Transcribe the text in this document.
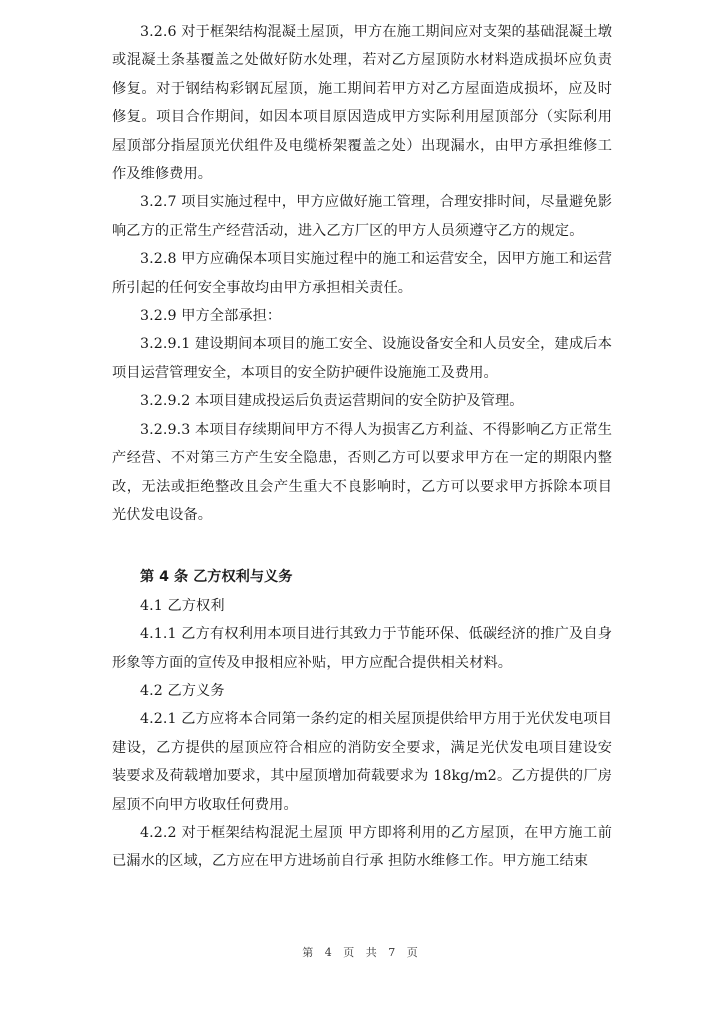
3.2.6 对于框架结构混凝土屋顶，甲方在施工期间应对支架的基础混凝土墩或混凝土条基覆盖之处做好防水处理，若对乙方屋顶防水材料造成损坏应负责修复。对于钢结构彩钢瓦屋顶，施工期间若甲方对乙方屋面造成损坏，应及时修复。项目合作期间，如因本项目原因造成甲方实际利用屋顶部分（实际利用屋顶部分指屋顶光伏组件及电缆桥架覆盖之处）出现漏水，由甲方承担维修工作及维修费用。

3.2.7 项目实施过程中，甲方应做好施工管理，合理安排时间，尽量避免影响乙方的正常生产经营活动，进入乙方厂区的甲方人员须遵守乙方的规定。

3.2.8 甲方应确保本项目实施过程中的施工和运营安全，因甲方施工和运营所引起的任何安全事故均由甲方承担相关责任。

3.2.9 甲方全部承担：

3.2.9.1 建设期间本项目的施工安全、设施设备安全和人员安全，建成后本项目运营管理安全，本项目的安全防护硬件设施施工及费用。

3.2.9.2 本项目建成投运后负责运营期间的安全防护及管理。

3.2.9.3 本项目存续期间甲方不得人为损害乙方利益、不得影响乙方正常生产经营、不对第三方产生安全隐患，否则乙方可以要求甲方在一定的期限内整改，无法或拒绝整改且会产生重大不良影响时，乙方可以要求甲方拆除本项目光伏发电设备。

第 4 条 乙方权利与义务

4.1 乙方权利

4.1.1 乙方有权利用本项目进行其致力于节能环保、低碳经济的推广及自身形象等方面的宣传及申报相应补贴，甲方应配合提供相关材料。

4.2 乙方义务

4.2.1 乙方应将本合同第一条约定的相关屋顶提供给甲方用于光伏发电项目建设，乙方提供的屋顶应符合相应的消防安全要求，满足光伏发电项目建设安装要求及荷载增加要求，其中屋顶增加荷载要求为 18kg/m2。乙方提供的厂房屋顶不向甲方收取任何费用。

4.2.2 对于框架结构混泥土屋顶 甲方即将利用的乙方屋顶，在甲方施工前已漏水的区域，乙方应在甲方进场前自行承 担防水维修工作。甲方施工结束

第 4 页 共 7 页
